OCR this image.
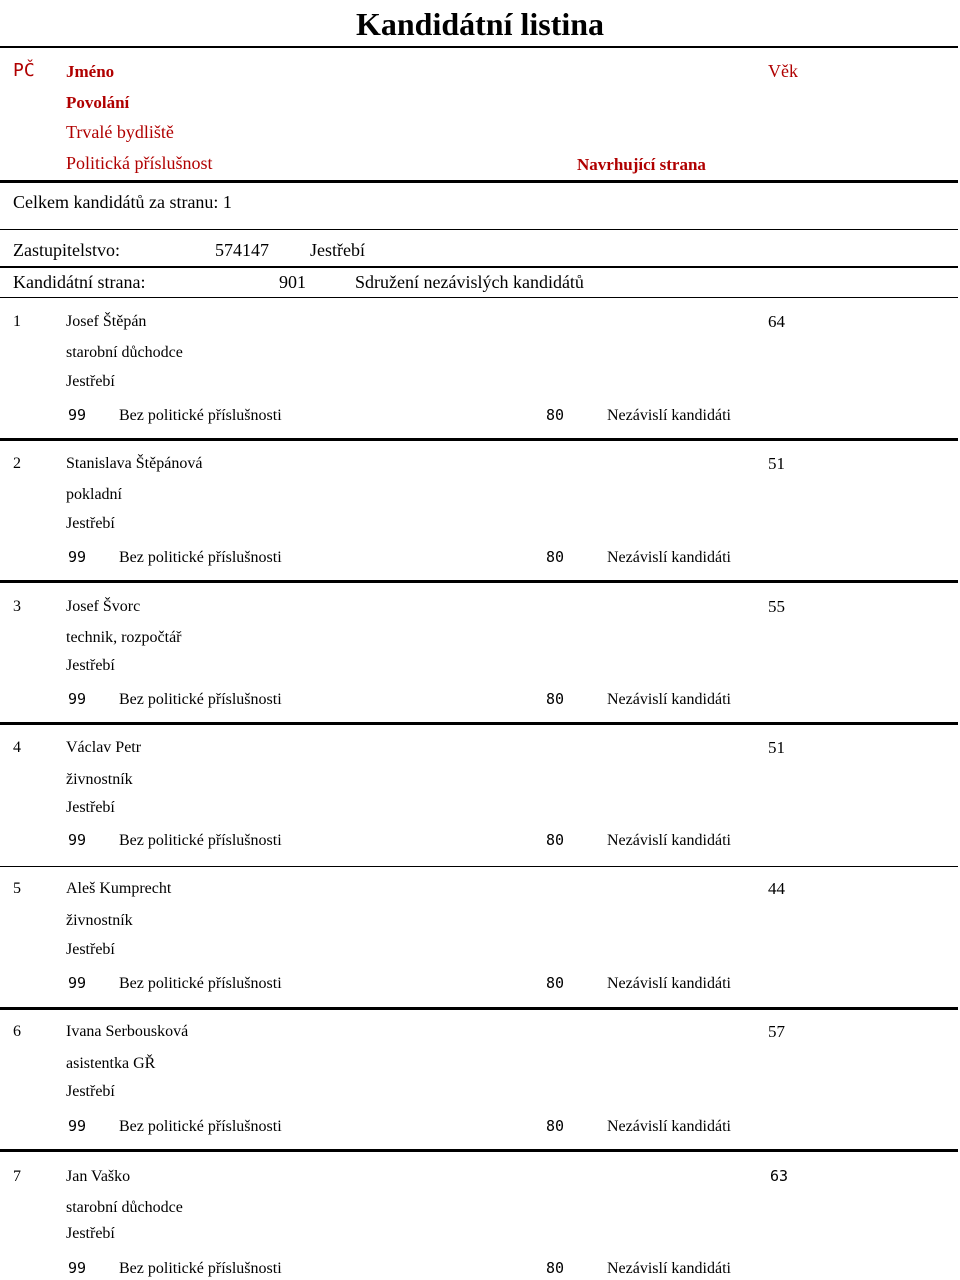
Kandidátní listina
PČ Jméno	Věk
Povolání
Trvalé bydliště
Politická příslušnost	Navrhující strana
Celkem kandidátů za stranu: 1
Zastupitelstvo:	574147 Jestřebí
Kandidátní strana:	901	Sdružení nezávislých kandidátů
1	Josef Štěpán	64
starobní důchodce
Jestřebí
99 Bez politické příslušnosti	80	Nezávislí kandidáti
2	Stanislava Štěpánová	51
pokladní
Jestřebí
99 Bez politické příslušnosti	80	Nezávislí kandidáti
3	Josef Švorc	55
technik, rozpočtář
Jestřebí
99 Bez politické příslušnosti	80	Nezávislí kandidáti
4	Václav Petr	51
živnostník
Jestřebí
99 Bez politické příslušnosti	80	Nezávislí kandidáti
5	Aleš Kumprecht	44
živnostník
Jestřebí
99 Bez politické příslušnosti	80	Nezávislí kandidáti
6	Ivana Serbousková	57
asistentka GŘ
Jestřebí
99 Bez politické příslušnosti	80	Nezávislí kandidáti
7	Jan Vaško	63
starobní důchodce
Jestřebí
99 Bez politické příslušnosti	80	Nezávislí kandidáti
